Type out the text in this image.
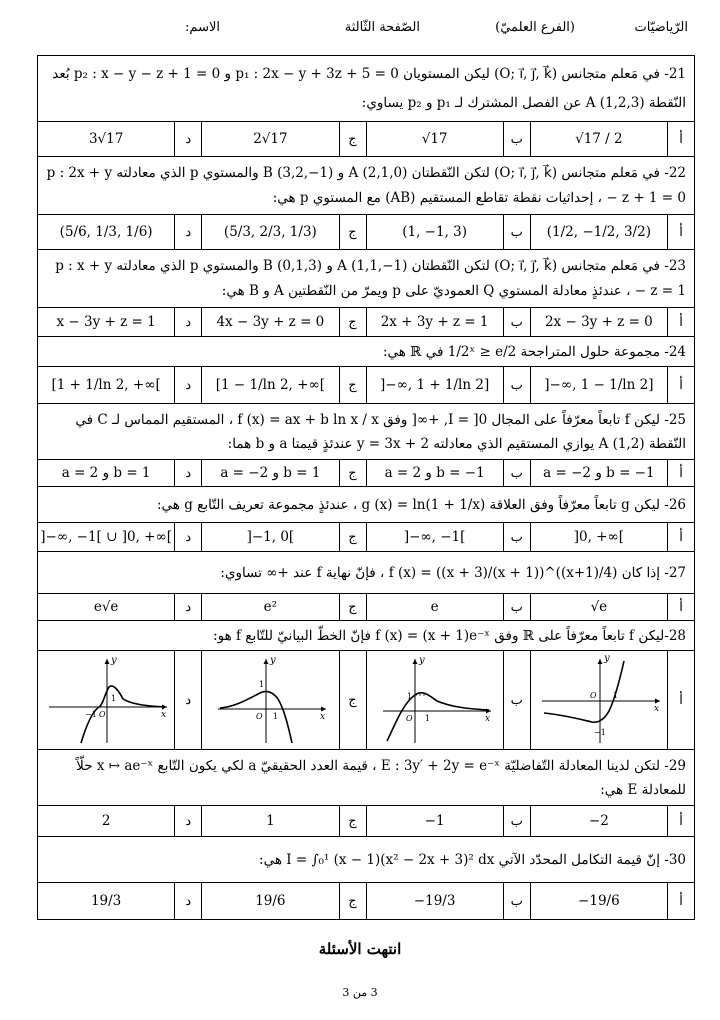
الرّياضيّات
(الفرع العلميّ)
الصّفحة الثّالثة
الاسم:
21- في مَعلم متجانس (O; i⃗, j⃗, k⃗) ليكن المستويان p₁ : 2x − y + 3z + 5 = 0 و p₂ : x − y − z + 1 = 0 بُعد النّقطة A (1,2,3) عن الفصل المشترك لـ p₁ و p₂ يساوي:
أ
√17 / 2
ب
√17
ج
2√17
د
3√17
22- في مَعلم متجانس (O; i⃗, j⃗, k⃗) لتكن النّقطتان A (2,1,0) و B (3,2,−1) والمستوي p الذي معادلته p : 2x + y − z + 1 = 0 ، إحداثيات نقطة تقاطع المستقيم (AB) مع المستوي p هي:
أ
(1/2, −1/2, 3/2)
ب
(1, −1, 3)
ج
(5/3, 2/3, 1/3)
د
(5/6, 1/3, 1/6)
23- في مَعلم متجانس (O; i⃗, j⃗, k⃗) لتكن النّقطتان A (1,1,−1) و B (0,1,3) والمستوي p الذي معادلته p : x + y − z = 1 ، عندئذٍ معادلة المستوي Q العموديّ على p ويمرّ من النّقطتين A و B هي:
أ
2x − 3y + z = 0
ب
2x + 3y + z = 1
ج
4x − 3y + z = 0
د
x − 3y + z = 1
24- مجموعة حلول المتراجحة 1/2ˣ ≥ e/2 في ℝ هي:
أ
]−∞, 1 − 1/ln 2]
ب
]−∞, 1 + 1/ln 2]
ج
[1 − 1/ln 2, +∞[
د
[1 + 1/ln 2, +∞[
25- ليكن f تابعاً معرّفاً على المجال I = ]0, +∞[ وفق f (x) = ax + b ln x / x ، المستقيم المماس لـ C في النّقطة A (1,2) يوازي المستقيم الذي معادلته y = 3x + 2 عندئذٍ قيمتا a و b هما:
أ
a = −2 و b = −1
ب
a = 2 و b = −1
ج
a = −2 و b = 1
د
a = 2 و b = 1
26- ليكن g تابعاً معرّفاً وفق العلاقة g (x) = ln(1 + 1/x) ، عندئذٍ مجموعة تعريف التّابع g هي:
أ
]0, +∞[
ب
]−∞, −1[
ج
]−1, 0[
د
]−∞, −1[ ∪ ]0, +∞[
27- إذا كان f (x) = ((x + 3)/(x + 1))^((x+1)/4) ، فإنّ نهاية f عند +∞ تساوي:
أ
√e
ب
e
ج
e²
د
e√e
28-ليكن f تابعاً معرّفاً على ℝ وفق f (x) = (x + 1)e⁻ˣ فإنّ الخطّ البيانيّ للتّابع f هو:
أ
y
x
−1
O 1
ب
y
x
1
O 1
ج
y
x
1
O 1
د
y
x
O
1
−1
29- لتكن لدينا المعادلة التّفاضليّة E : 3y′ + 2y = e⁻ˣ ، قيمة العدد الحقيقيّ a لكي يكون التّابع x ↦ ae⁻ˣ حلّاً للمعادلة E هي:
أ
−2
ب
−1
ج
1
د
2
30- إنّ قيمة التكامل المحدّد الآتي I = ∫₀¹ (x − 1)(x² − 2x + 3)² dx هي:
أ
−19/6
ب
−19/3
ج
19/6
د
19/3
انتهت الأسئلة
3 من 3
